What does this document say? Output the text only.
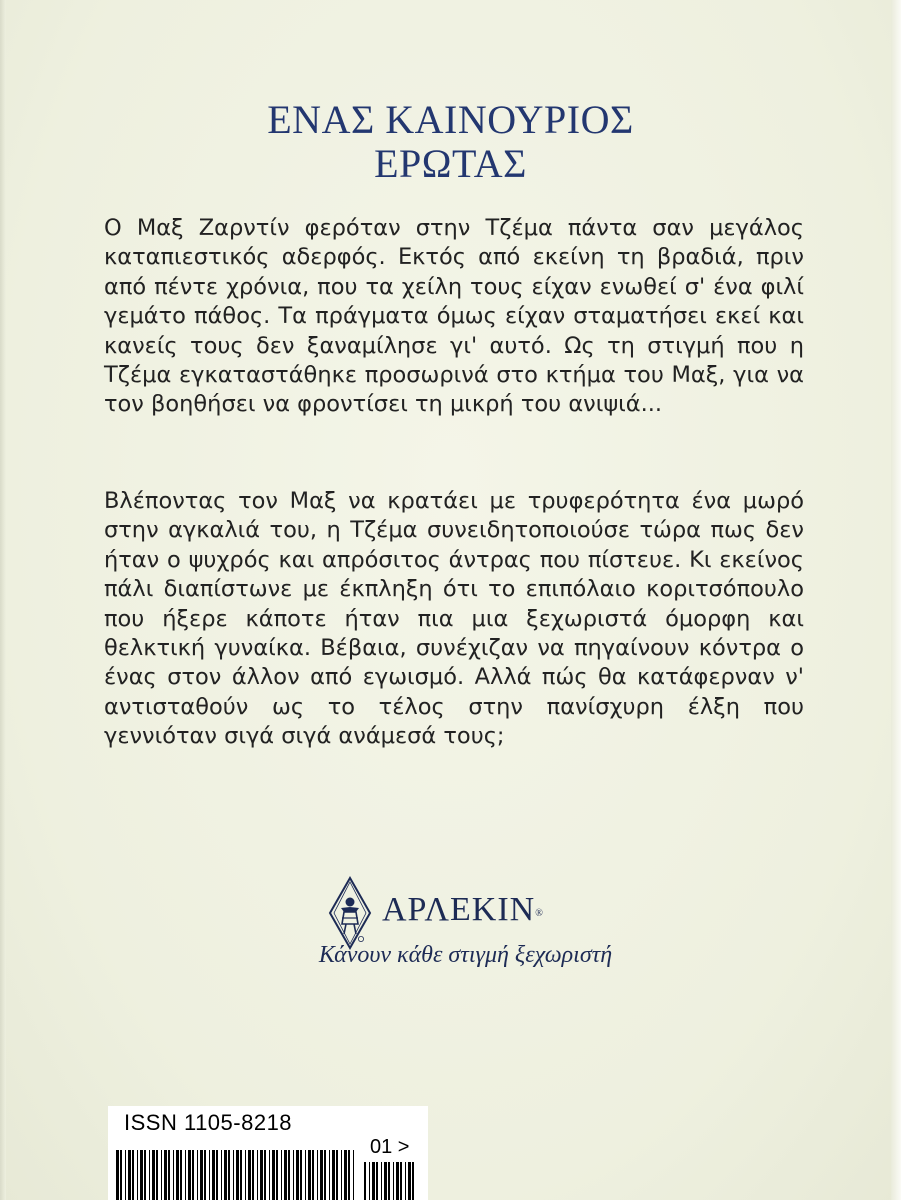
ΕΝΑΣ ΚΑΙΝΟΥΡΙΟΣ
ΕΡΩΤΑΣ
Ο Μαξ Ζαρντίν φερόταν στην Τζέμα πάντα σαν μεγάλος καταπιεστικός αδερφός. Εκτός από εκείνη τη βραδιά, πριν από πέντε χρόνια, που τα χείλη τους είχαν ενωθεί σ' ένα φιλί γεμάτο πάθος. Τα πράγματα όμως είχαν σταματήσει εκεί και κανείς τους δεν ξαναμίλησε γι' αυτό. Ως τη στιγμή που η Τζέμα εγκαταστάθηκε προσωρινά στο κτήμα του Μαξ, για να τον βοηθήσει να φροντίσει τη μικρή του ανιψιά...
Βλέποντας τον Μαξ να κρατάει με τρυφερότητα ένα μωρό στην αγκαλιά του, η Τζέμα συνειδητοποιούσε τώρα πως δεν ήταν ο ψυχρός και απρόσιτος άντρας που πίστευε. Κι εκείνος πάλι διαπίστωνε με έκπληξη ότι το επιπόλαιο κοριτσόπουλο που ήξερε κάποτε ήταν πια μια ξεχωριστά όμορφη και θελκτική γυναίκα. Βέβαια, συνέχιζαν να πηγαίνουν κόντρα ο ένας στον άλλον από εγωισμό. Αλλά πώς θα κατάφερναν ν' αντισταθούν ως το τέλος στην πανίσχυρη έλξη που γεννιόταν σιγά σιγά ανάμεσά τους;
ΑΡΛΕΚΙΝ®
Κάνουν κάθε στιγμή ξεχωριστή
ISSN 1105-8218
01 >
